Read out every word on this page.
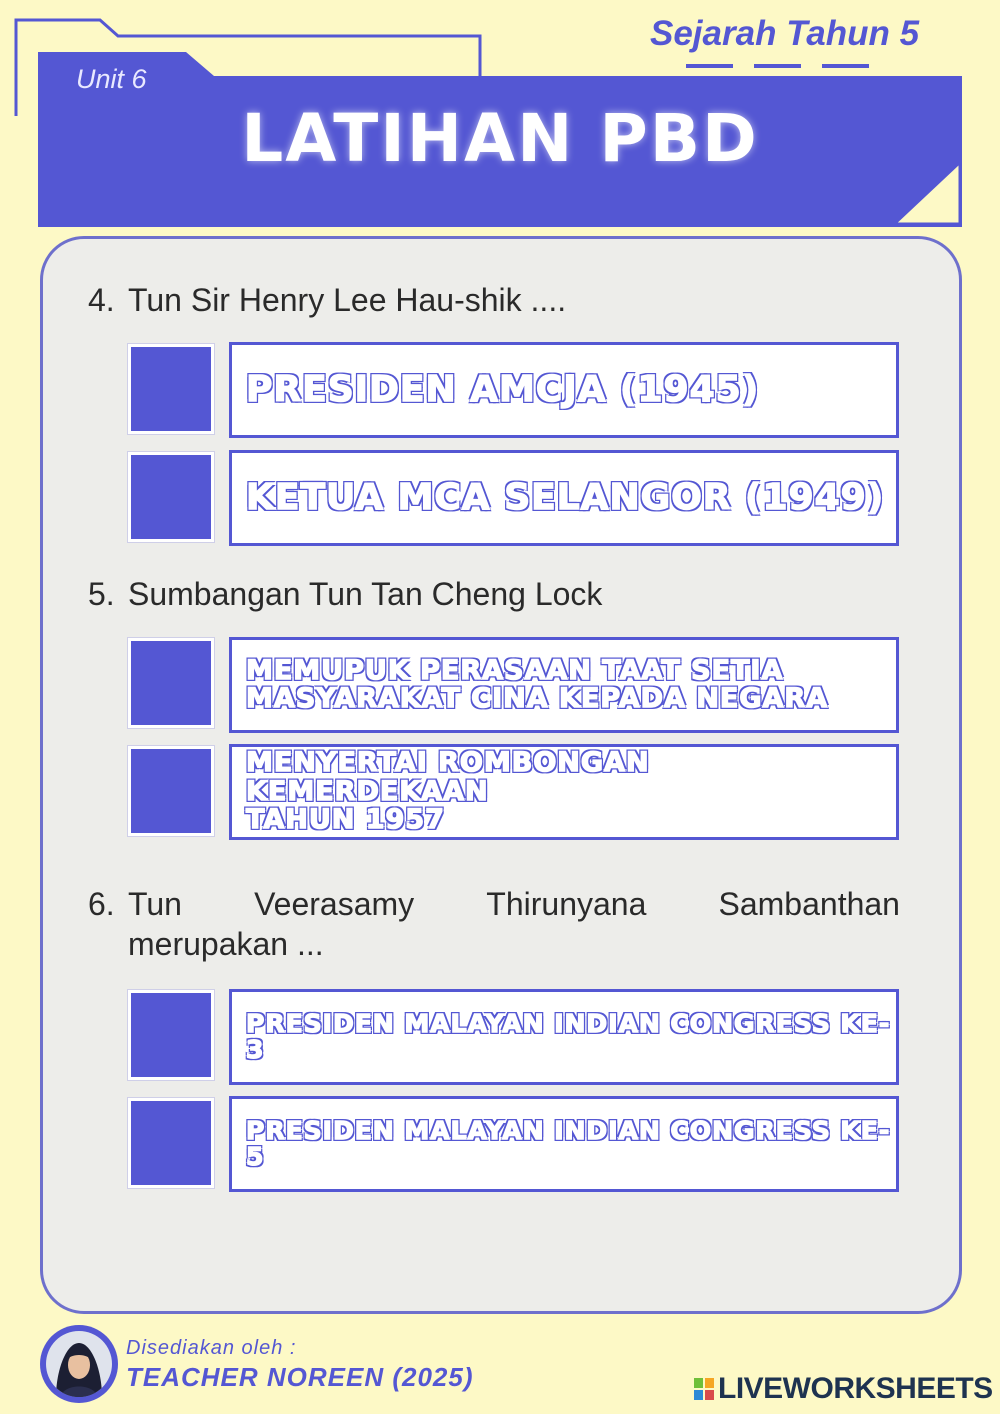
Sejarah Tahun 5
Unit 6
LATIHAN PBD
4. Tun Sir Henry Lee Hau-shik ....
PRESIDEN AMCJA (1945)
KETUA MCA SELANGOR (1949)
5. Sumbangan Tun Tan Cheng Lock
MEMUPUK PERASAAN TAAT SETIA
MASYARAKAT CINA KEPADA NEGARA
MENYERTAI ROMBONGAN KEMERDEKAAN
TAHUN 1957
6. Tun Veerasamy Thirunyana Sambanthan
merupakan ...
PRESIDEN MALAYAN INDIAN CONGRESS KE-3
PRESIDEN MALAYAN INDIAN CONGRESS KE-5
Disediakan oleh :
TEACHER NOREEN (2025)	LIVEWORKSHEETS
